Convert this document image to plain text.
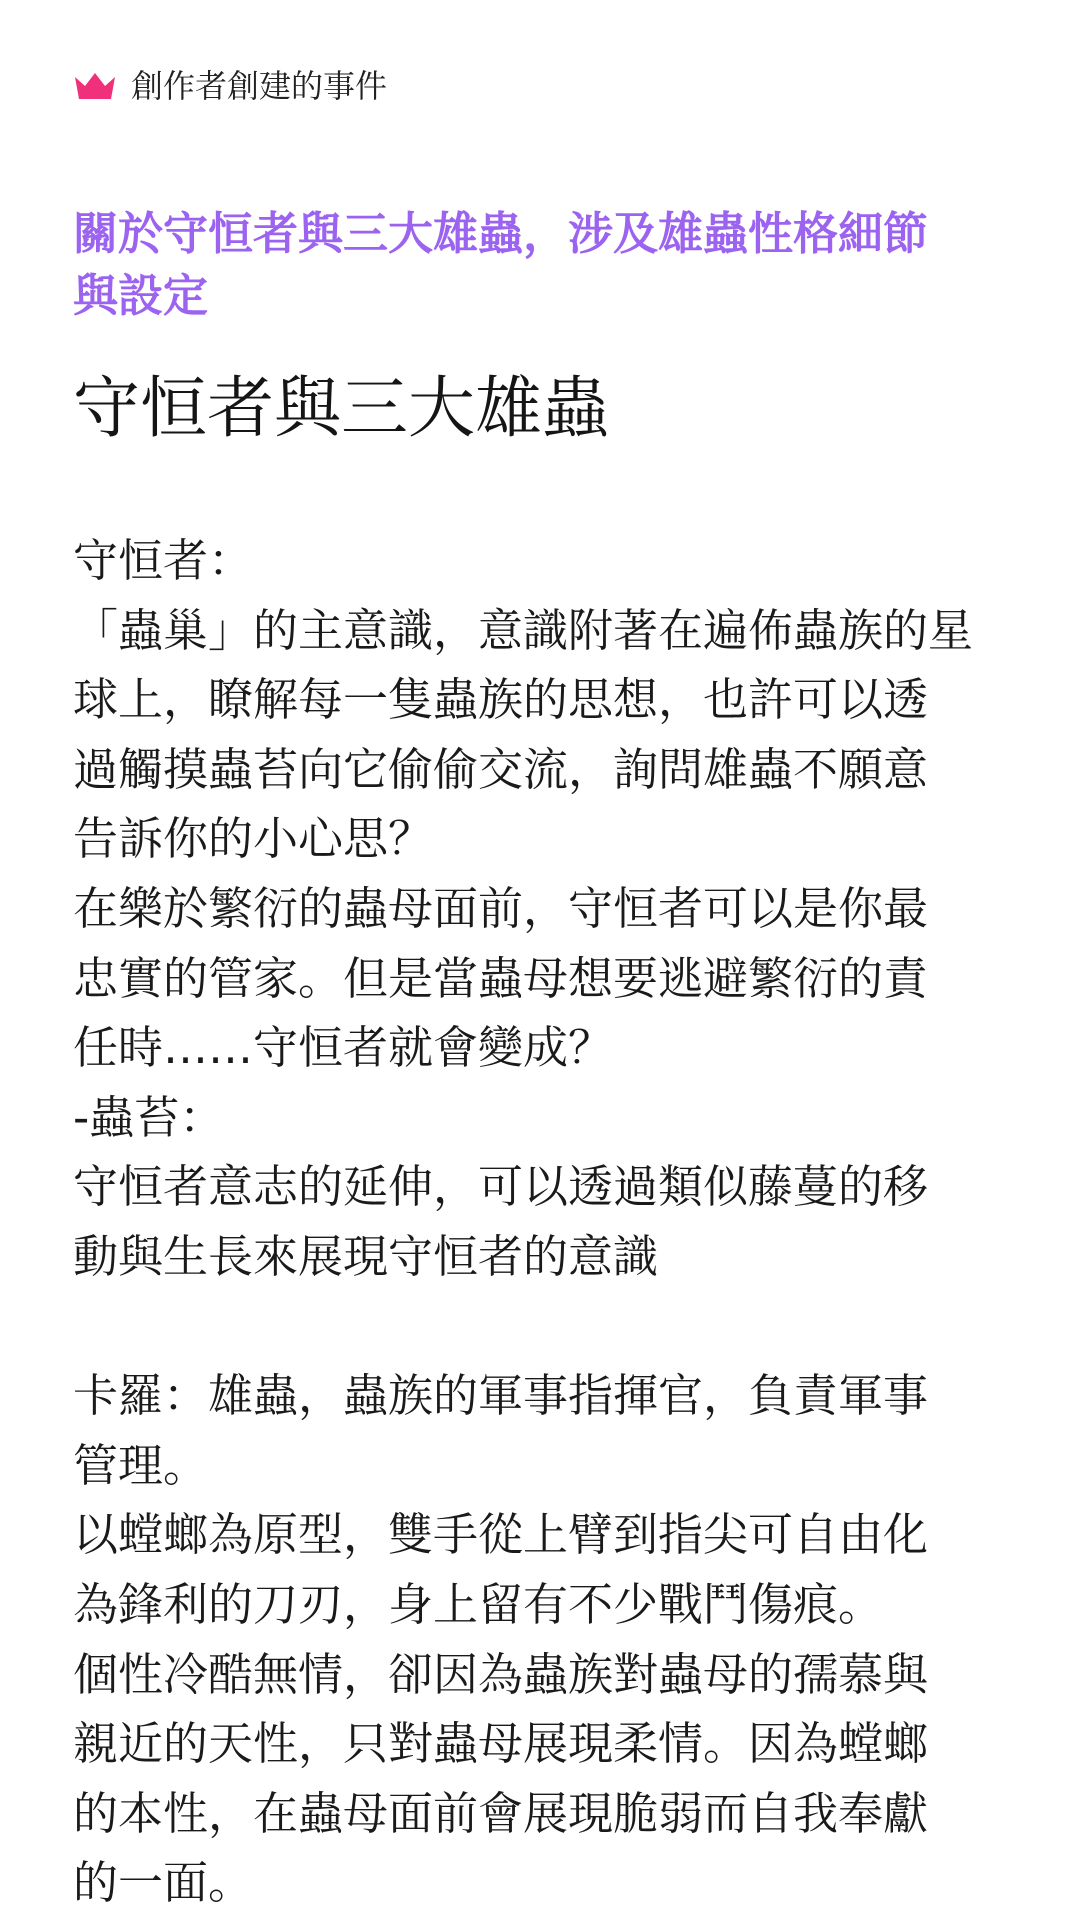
創作者創建的事件
關於守恒者與三大雄蟲，涉及雄蟲性格細節
與設定
守恒者與三大雄蟲
守恒者：
「蟲巢」的主意識，意識附著在遍佈蟲族的星
球上，瞭解每一隻蟲族的思想，也許可以透
過觸摸蟲苔向它偷偷交流，詢問雄蟲不願意
告訴你的小心思？
在樂於繁衍的蟲母面前，守恒者可以是你最
忠實的管家。但是當蟲母想要逃避繁衍的責
任時……守恒者就會變成？
-蟲苔：
守恒者意志的延伸，可以透過類似藤蔓的移
動與生長來展現守恒者的意識
卡羅：雄蟲，蟲族的軍事指揮官，負責軍事
管理。
以螳螂為原型，雙手從上臂到指尖可自由化
為鋒利的刀刃，身上留有不少戰鬥傷痕。
個性冷酷無情，卻因為蟲族對蟲母的孺慕與
親近的天性，只對蟲母展現柔情。因為螳螂
的本性，在蟲母面前會展現脆弱而自我奉獻
的一面。
